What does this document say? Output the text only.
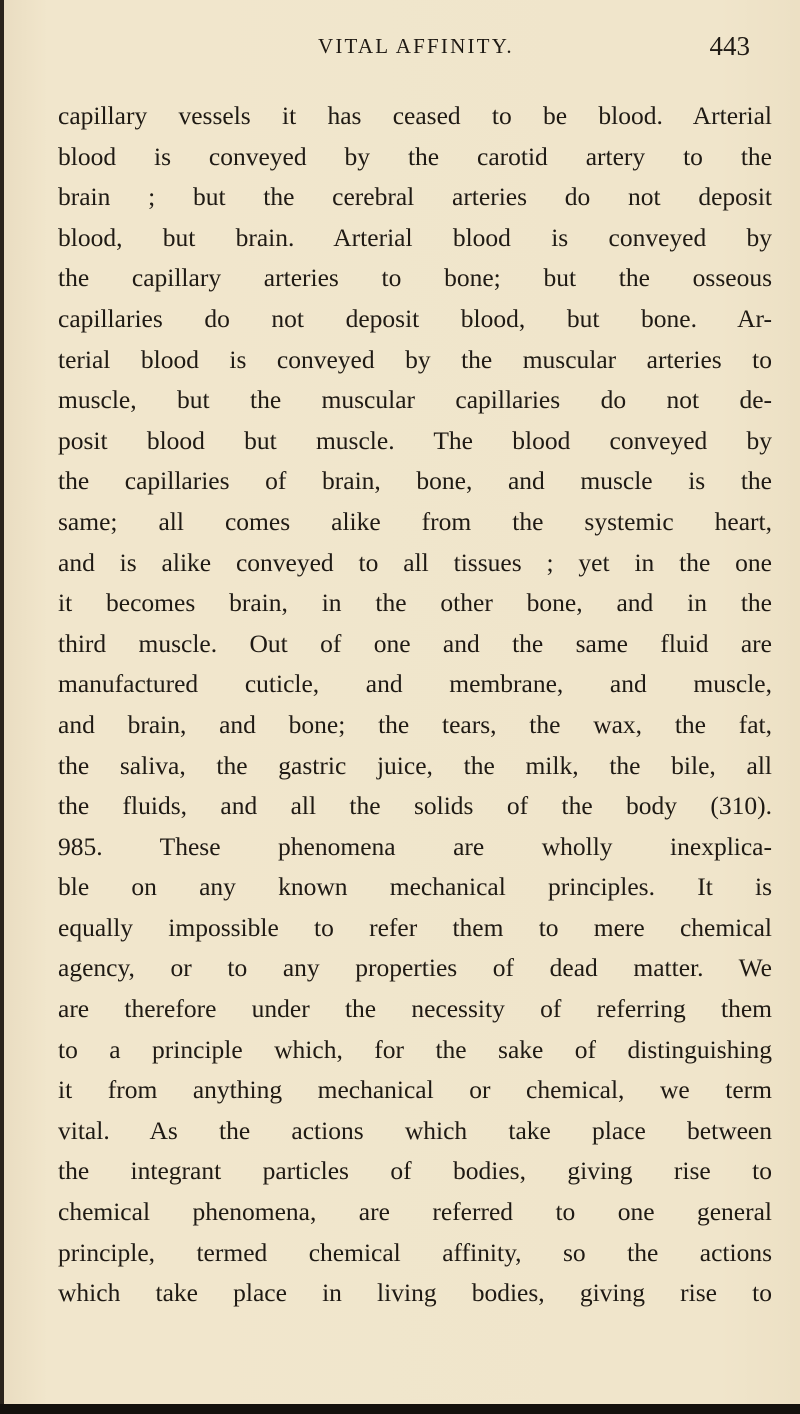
VITAL AFFINITY.	443
capillary vessels it has ceased to be blood. Arterial
blood is conveyed by the carotid artery to the
brain ; but the cerebral arteries do not deposit
blood, but brain. Arterial blood is conveyed by
the capillary arteries to bone; but the osseous
capillaries do not deposit blood, but bone. Ar-
terial blood is conveyed by the muscular arteries to
muscle, but the muscular capillaries do not de-
posit blood but muscle. The blood conveyed by
the capillaries of brain, bone, and muscle is the
same; all comes alike from the systemic heart,
and is alike conveyed to all tissues ; yet in the one
it becomes brain, in the other bone, and in the
third muscle. Out of one and the same fluid are
manufactured cuticle, and membrane, and muscle,
and brain, and bone; the tears, the wax, the fat,
the saliva, the gastric juice, the milk, the bile, all
the fluids, and all the solids of the body (310).
985. These phenomena are wholly inexplica-
ble on any known mechanical principles. It is
equally impossible to refer them to mere chemical
agency, or to any properties of dead matter. We
are therefore under the necessity of referring them
to a principle which, for the sake of distinguishing
it from anything mechanical or chemical, we term
vital. As the actions which take place between
the integrant particles of bodies, giving rise to
chemical phenomena, are referred to one general
principle, termed chemical affinity, so the actions
which take place in living bodies, giving rise to
